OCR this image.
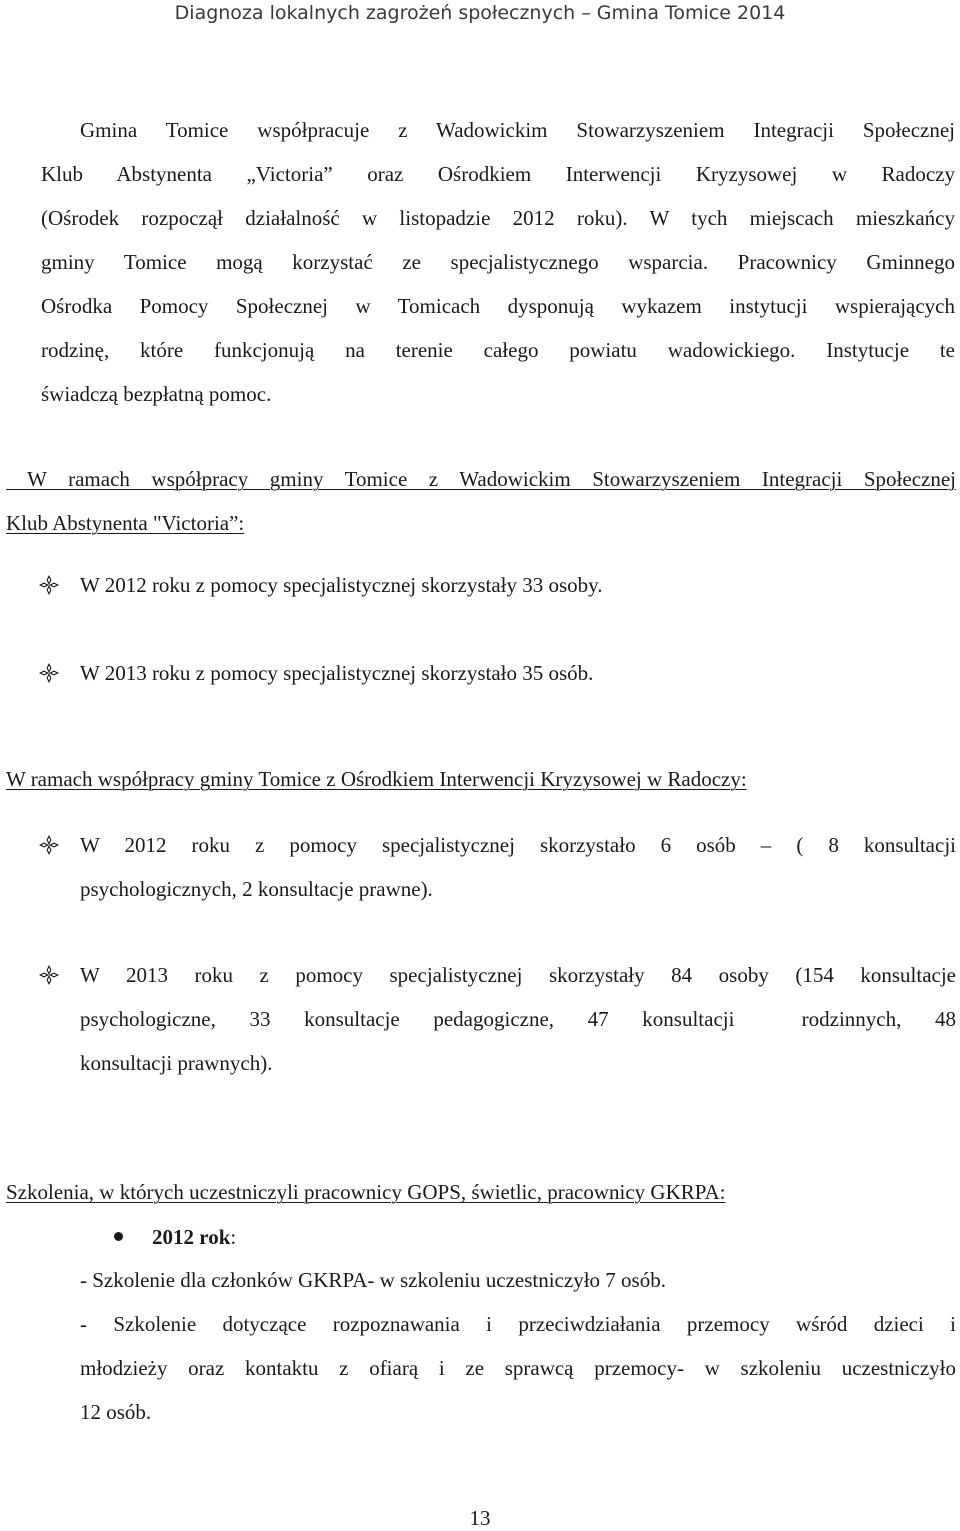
Diagnoza lokalnych zagrożeń społecznych – Gmina Tomice 2014
Gmina Tomice współpracuje z Wadowickim Stowarzyszeniem Integracji Społecznej
Klub Abstynenta „Victoria” oraz Ośrodkiem Interwencji Kryzysowej w Radoczy
(Ośrodek rozpoczął działalność w listopadzie 2012 roku). W tych miejscach mieszkańcy
gminy Tomice mogą korzystać ze specjalistycznego wsparcia. Pracownicy Gminnego
Ośrodka Pomocy Społecznej w Tomicach dysponują wykazem instytucji wspierających
rodzinę, które funkcjonują na terenie całego powiatu wadowickiego. Instytucje te
świadczą bezpłatną pomoc.
W ramach współpracy gminy Tomice z Wadowickim Stowarzyszeniem Integracji Społecznej
Klub Abstynenta "Victoria”:
W 2012 roku z pomocy specjalistycznej skorzystały 33 osoby.
W 2013 roku z pomocy specjalistycznej skorzystało 35 osób.
W ramach współpracy gminy Tomice z Ośrodkiem Interwencji Kryzysowej w Radoczy:
W 2012 roku z pomocy specjalistycznej skorzystało 6 osób – ( 8 konsultacji
psychologicznych, 2 konsultacje prawne).
W 2013 roku z pomocy specjalistycznej skorzystały 84 osoby (154 konsultacje
psychologiczne, 33 konsultacje pedagogiczne, 47 konsultacji  rodzinnych, 48
konsultacji prawnych).
Szkolenia, w których uczestniczyli pracownicy GOPS, świetlic, pracownicy GKRPA:
2012 rok:
- Szkolenie dla członków GKRPA- w szkoleniu uczestniczyło 7 osób.
- Szkolenie dotyczące rozpoznawania i przeciwdziałania przemocy wśród dzieci i
młodzieży oraz kontaktu z ofiarą i ze sprawcą przemocy- w szkoleniu uczestniczyło
12 osób.
13
